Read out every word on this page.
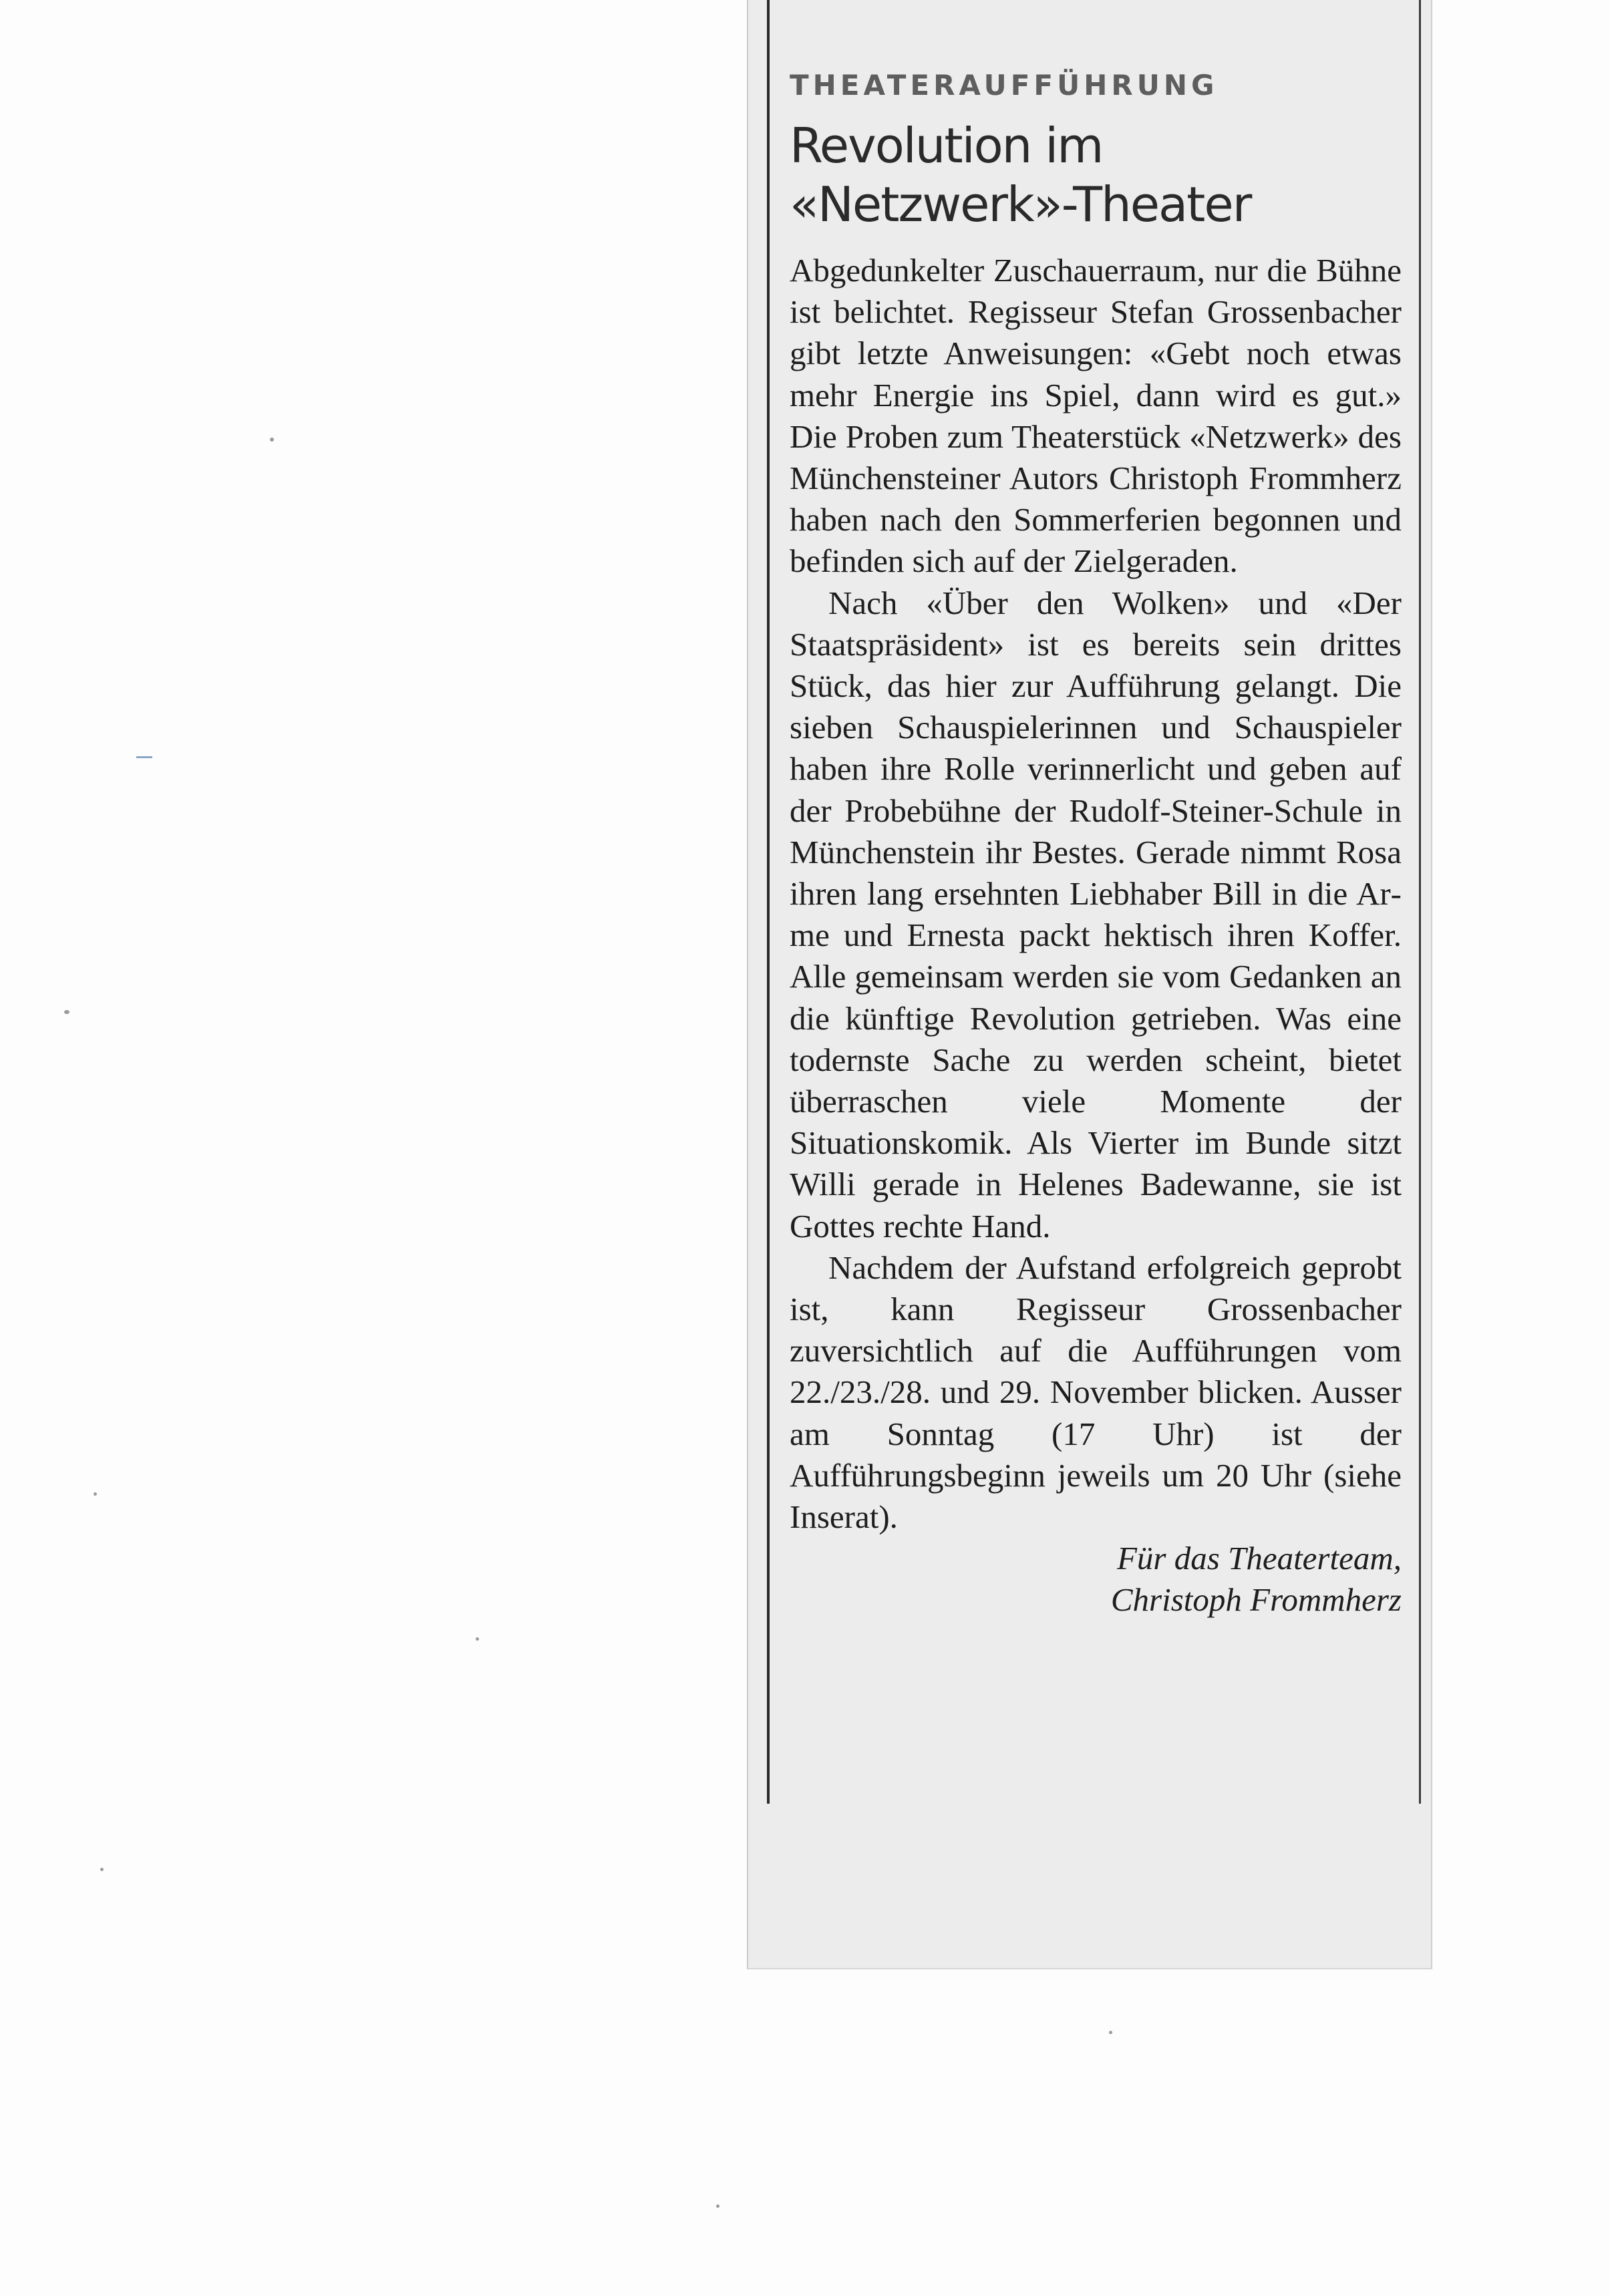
THEATERAUFFÜHRUNG
Revolution im
«Netzwerk»-Theater

Abgedunkelter Zuschauerraum, nur die Bühne ist belichtet. Regisseur Stefan Grossenbacher gibt letzte Anweisungen: «Gebt noch etwas mehr Energie ins Spiel, dann wird es gut.» Die Proben zum Theaterstück «Netzwerk» des Münchensteiner Autors Christoph Frommherz haben nach den Sommerferien begonnen und befinden sich auf der Zielgeraden.

Nach «Über den Wolken» und «Der Staatspräsident» ist es bereits sein drittes Stück, das hier zur Aufführung gelangt. Die sieben Schauspielerinnen und Schauspieler haben ihre Rolle verinnerlicht und geben auf der Probebühne der Rudolf-Steiner-Schule in Münchenstein ihr Bestes. Gerade nimmt Rosa ihren lang ersehnten Liebhaber Bill in die Arme und Ernesta packt hektisch ihren Koffer. Alle gemeinsam werden sie vom Gedanken an die künftige Revolution getrieben. Was eine todernste Sache zu werden scheint, bietet überraschen viele Momente der Situationskomik. Als Vierter im Bunde sitzt Willi gerade in Helenes Badewanne, sie ist Gottes rechte Hand.

Nachdem der Aufstand erfolgreich geprobt ist, kann Regisseur Grossenbacher zuversichtlich auf die Aufführungen vom 22./23./28. und 29. November blicken. Ausser am Sonntag (17 Uhr) ist der Aufführungsbeginn jeweils um 20 Uhr (siehe Inserat).

Für das Theaterteam,
Christoph Frommherz
